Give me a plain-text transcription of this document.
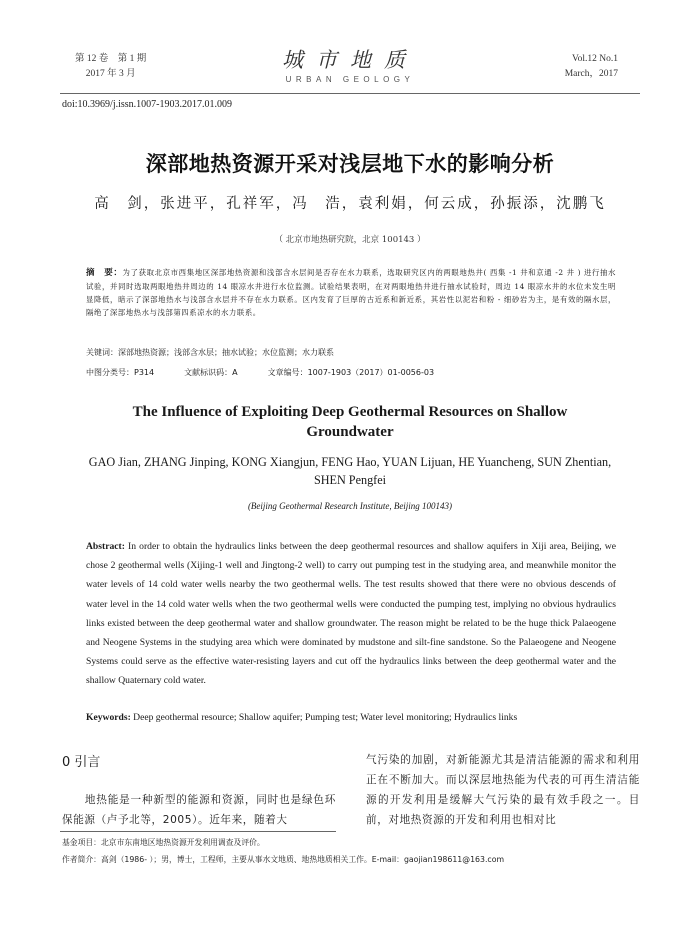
第 12 卷　第 1 期
2017 年 3 月
城市地质
URBAN GEOLOGY
Vol.12 No.1
March，2017
doi:10.3969/j.issn.1007-1903.2017.01.009
深部地热资源开采对浅层地下水的影响分析
高　剑，张进平，孔祥军，冯　浩，袁利娟，何云成，孙振添，沈鹏飞
（ 北京市地热研究院，北京 100143 ）
摘　要：为了获取北京市西集地区深部地热资源和浅部含水层间是否存在水力联系，选取研究区内的两眼地热井( 西集 -1 井和京通 -2 井 ) 进行抽水试验，并同时选取两眼地热井周边的 14 眼凉水井进行水位监测。试验结果表明，在对两眼地热井进行抽水试验时，周边 14 眼凉水井的水位未发生明显降低，暗示了深部地热水与浅部含水层并不存在水力联系。区内发育了巨厚的古近系和新近系，其岩性以泥岩和粉 - 细砂岩为主，是有效的隔水层，隔绝了深部地热水与浅部第四系凉水的水力联系。
关键词：深部地热资源；浅部含水层；抽水试验；水位监测；水力联系
中图分类号：P314	文献标识码：A	文章编号：1007-1903（2017）01-0056-03
The Influence of Exploiting Deep Geothermal Resources on Shallow Groundwater
GAO Jian, ZHANG Jinping, KONG Xiangjun, FENG Hao, YUAN Lijuan, HE Yuancheng, SUN Zhentian, SHEN Pengfei
(Beijing Geothermal Research Institute, Beijing 100143)
Abstract: In order to obtain the hydraulics links between the deep geothermal resources and shallow aquifers in Xiji area, Beijing, we chose 2 geothermal wells (Xijing-1 well and Jingtong-2 well) to carry out pumping test in the studying area, and meanwhile monitor the water levels of 14 cold water wells nearby the two geothermal wells. The test results showed that there were no obvious descends of water level in the 14 cold water wells when the two geothermal wells were conducted the pumping test, implying no obvious hydraulics links existed between the deep geothermal water and shallow groundwater. The reason might be related to be the huge thick Palaeogene and Neogene Systems in the studying area which were dominated by mudstone and silt-fine sandstone. So the Palaeogene and Neogene Systems could serve as the effective water-resisting layers and cut off the hydraulics links between the deep geothermal water and the shallow Quaternary cold water.
Keywords: Deep geothermal resource; Shallow aquifer; Pumping test; Water level monitoring; Hydraulics links
0 引言
　　地热能是一种新型的能源和资源，同时也是绿色环保能源（卢予北等，2005）。近年来，随着大
气污染的加剧，对新能源尤其是清洁能源的需求和利用正在不断加大。而以深层地热能为代表的可再生清洁能源的开发利用是缓解大气污染的最有效手段之一。目前，对地热资源的开发和利用也相对比
基金项目：北京市东南地区地热资源开发利用调查及评价。
作者简介：高剑（1986- ）；男，博士，工程师，主要从事水文地质、地热地质相关工作。E-mail：gaojian198611@163.com
